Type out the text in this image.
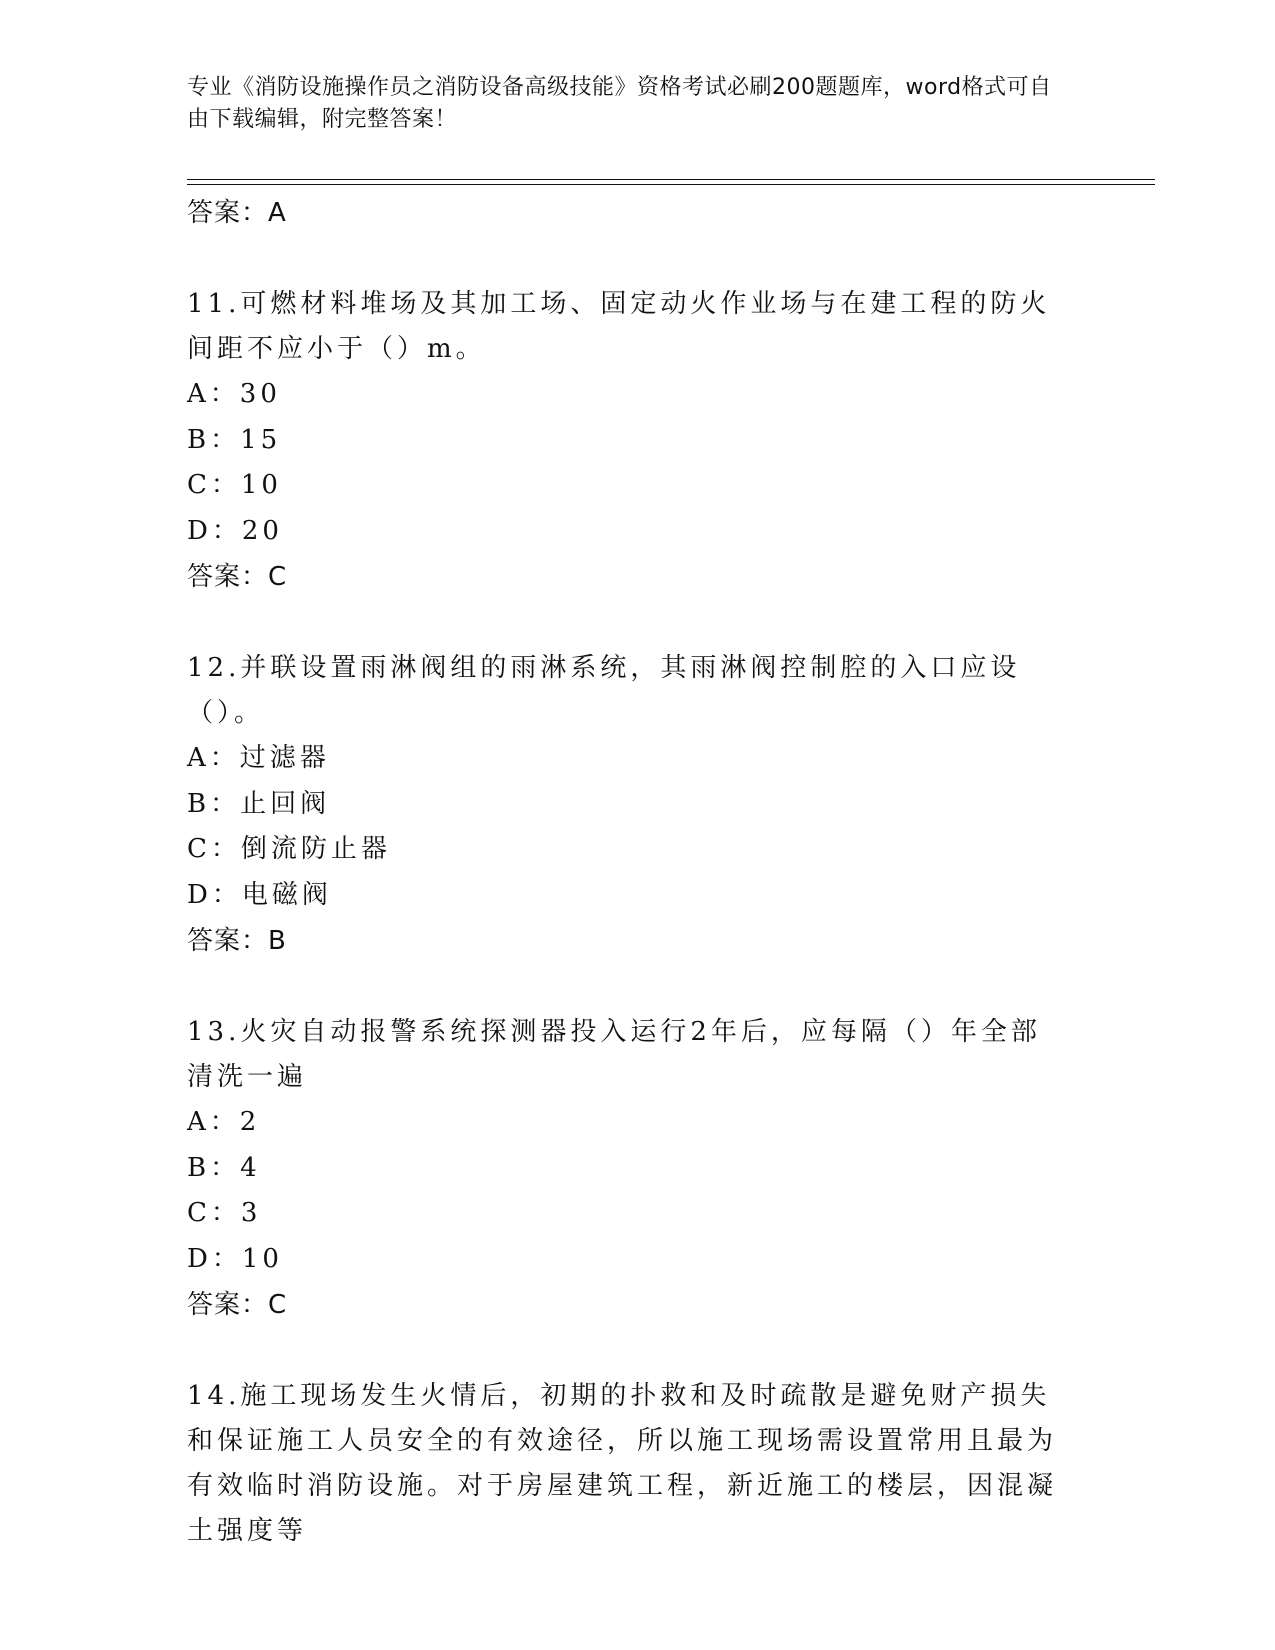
专业《消防设施操作员之消防设备高级技能》资格考试必刷200题题库，word格式可自由下载编辑，附完整答案！
答案：A
11.可燃材料堆场及其加工场、固定动火作业场与在建工程的防火间距不应小于（）m。
A：30
B：15
C：10
D：20
答案：C
12.并联设置雨淋阀组的雨淋系统，其雨淋阀控制腔的入口应设（）。
A：过滤器
B：止回阀
C：倒流防止器
D：电磁阀
答案：B
13.火灾自动报警系统探测器投入运行2年后，应每隔（）年全部清洗一遍
A：2
B：4
C：3
D：10
答案：C
14.施工现场发生火情后，初期的扑救和及时疏散是避免财产损失和保证施工人员安全的有效途径，所以施工现场需设置常用且最为有效临时消防设施。对于房屋建筑工程，新近施工的楼层，因混凝土强度等
